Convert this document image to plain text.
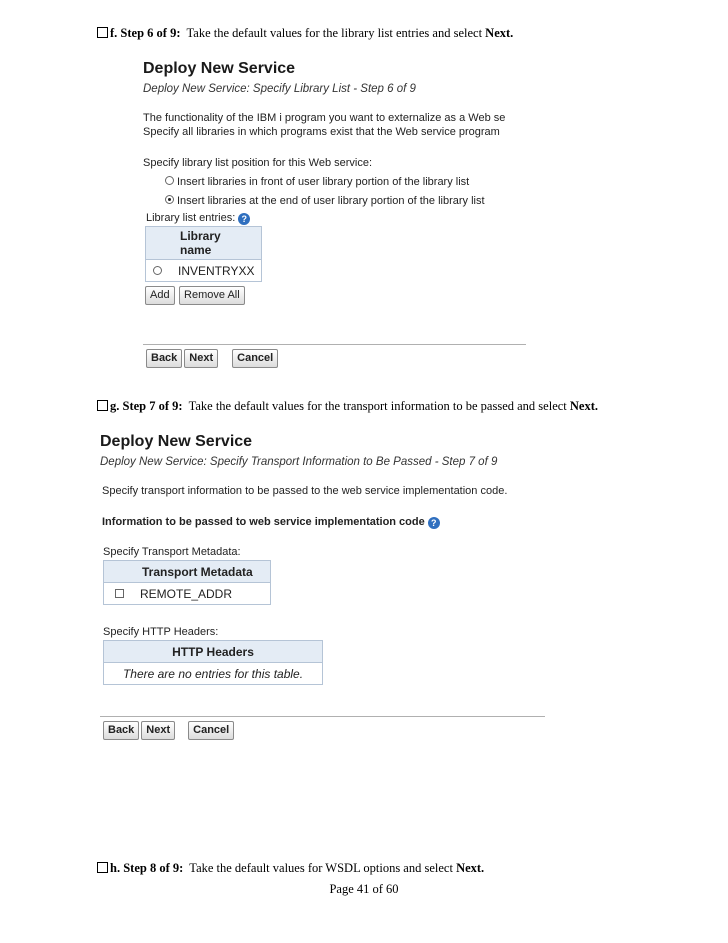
f. Step 6 of 9:  Take the default values for the library list entries and select Next.
Deploy New Service
Deploy New Service: Specify Library List - Step 6 of 9
The functionality of the IBM i program you want to externalize as a Web se
Specify all libraries in which programs exist that the Web service program
Specify library list position for this Web service:
Insert libraries in front of user library portion of the library list
Insert libraries at the end of user library portion of the library list
Library list entries: ?
	Library name
	INVENTRYXX
Add Remove All
Back Next Cancel
g. Step 7 of 9:  Take the default values for the transport information to be passed and select Next.
Deploy New Service
Deploy New Service: Specify Transport Information to Be Passed - Step 7 of 9
Specify transport information to be passed to the web service implementation code.
Information to be passed to web service implementation code ?
Specify Transport Metadata:
	Transport Metadata
	REMOTE_ADDR
Specify HTTP Headers:
HTTP Headers
There are no entries for this table.
Back Next Cancel
h. Step 8 of 9:  Take the default values for WSDL options and select Next.
Page 41 of 60
